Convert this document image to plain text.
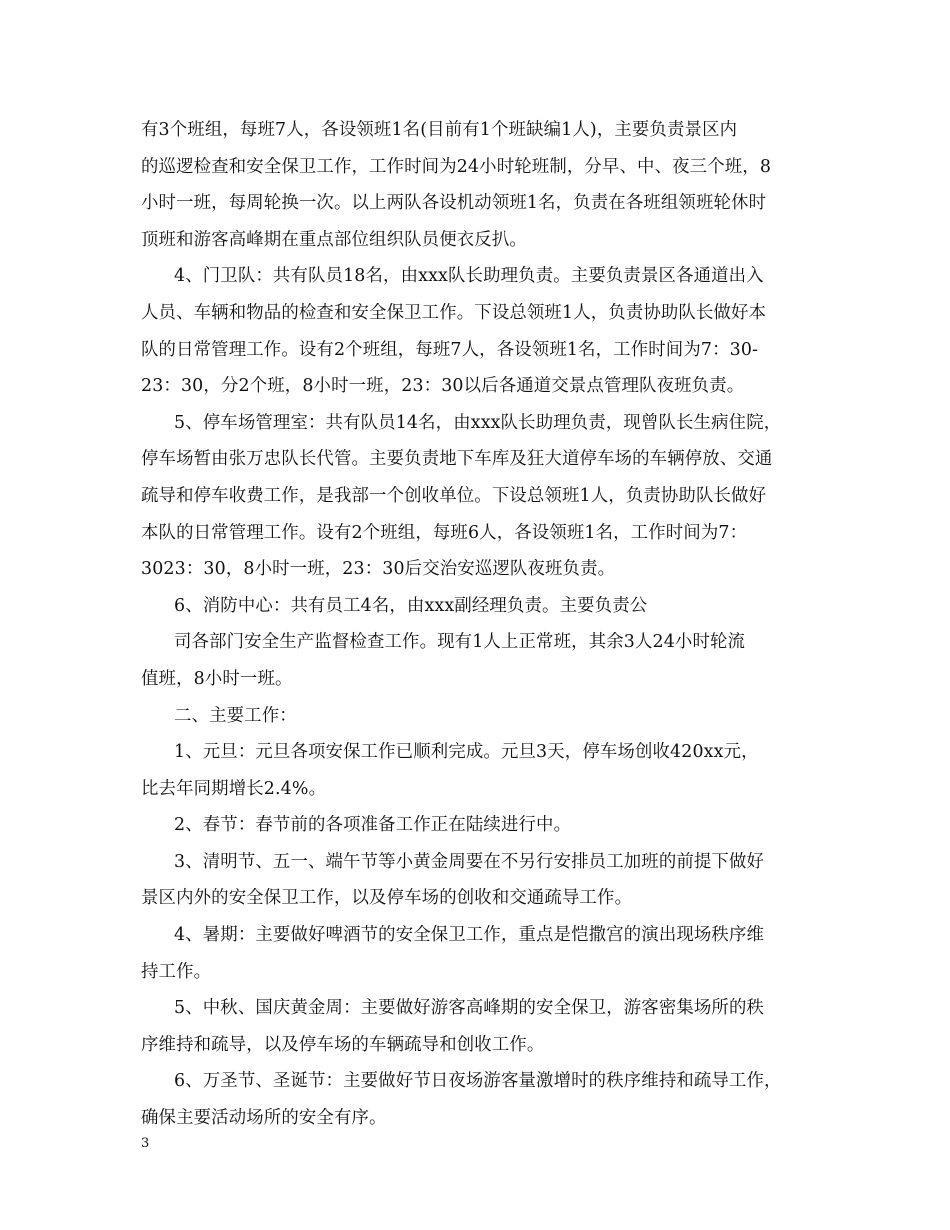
有3个班组，每班7人，各设领班1名(目前有1个班缺编1人)，主要负责景区内
的巡逻检查和安全保卫工作，工作时间为24小时轮班制，分早、中、夜三个班，8
小时一班，每周轮换一次。以上两队各设机动领班1名，负责在各班组领班轮休时
顶班和游客高峰期在重点部位组织队员便衣反扒。
4、门卫队：共有队员18名，由xxx队长助理负责。主要负责景区各通道出入
人员、车辆和物品的检查和安全保卫工作。下设总领班1人，负责协助队长做好本
队的日常管理工作。设有2个班组，每班7人，各设领班1名，工作时间为7：30-
23：30，分2个班，8小时一班，23：30以后各通道交景点管理队夜班负责。
5、停车场管理室：共有队员14名，由xxx队长助理负责，现曾队长生病住院，
停车场暂由张万忠队长代管。主要负责地下车库及狂大道停车场的车辆停放、交通
疏导和停车收费工作，是我部一个创收单位。下设总领班1人，负责协助队长做好
本队的日常管理工作。设有2个班组，每班6人，各设领班1名，工作时间为7：
3023：30，8小时一班，23：30后交治安巡逻队夜班负责。
6、消防中心：共有员工4名，由xxx副经理负责。主要负责公
司各部门安全生产监督检查工作。现有1人上正常班，其余3人24小时轮流
值班，8小时一班。
二、主要工作：
1、元旦：元旦各项安保工作已顺利完成。元旦3天，停车场创收420xx元，
比去年同期增长2.4%。
2、春节：春节前的各项准备工作正在陆续进行中。
3、清明节、五一、端午节等小黄金周要在不另行安排员工加班的前提下做好
景区内外的安全保卫工作，以及停车场的创收和交通疏导工作。
4、暑期：主要做好啤酒节的安全保卫工作，重点是恺撒宫的演出现场秩序维
持工作。
5、中秋、国庆黄金周：主要做好游客高峰期的安全保卫，游客密集场所的秩
序维持和疏导，以及停车场的车辆疏导和创收工作。
6、万圣节、圣诞节：主要做好节日夜场游客量激增时的秩序维持和疏导工作，
确保主要活动场所的安全有序。
3
